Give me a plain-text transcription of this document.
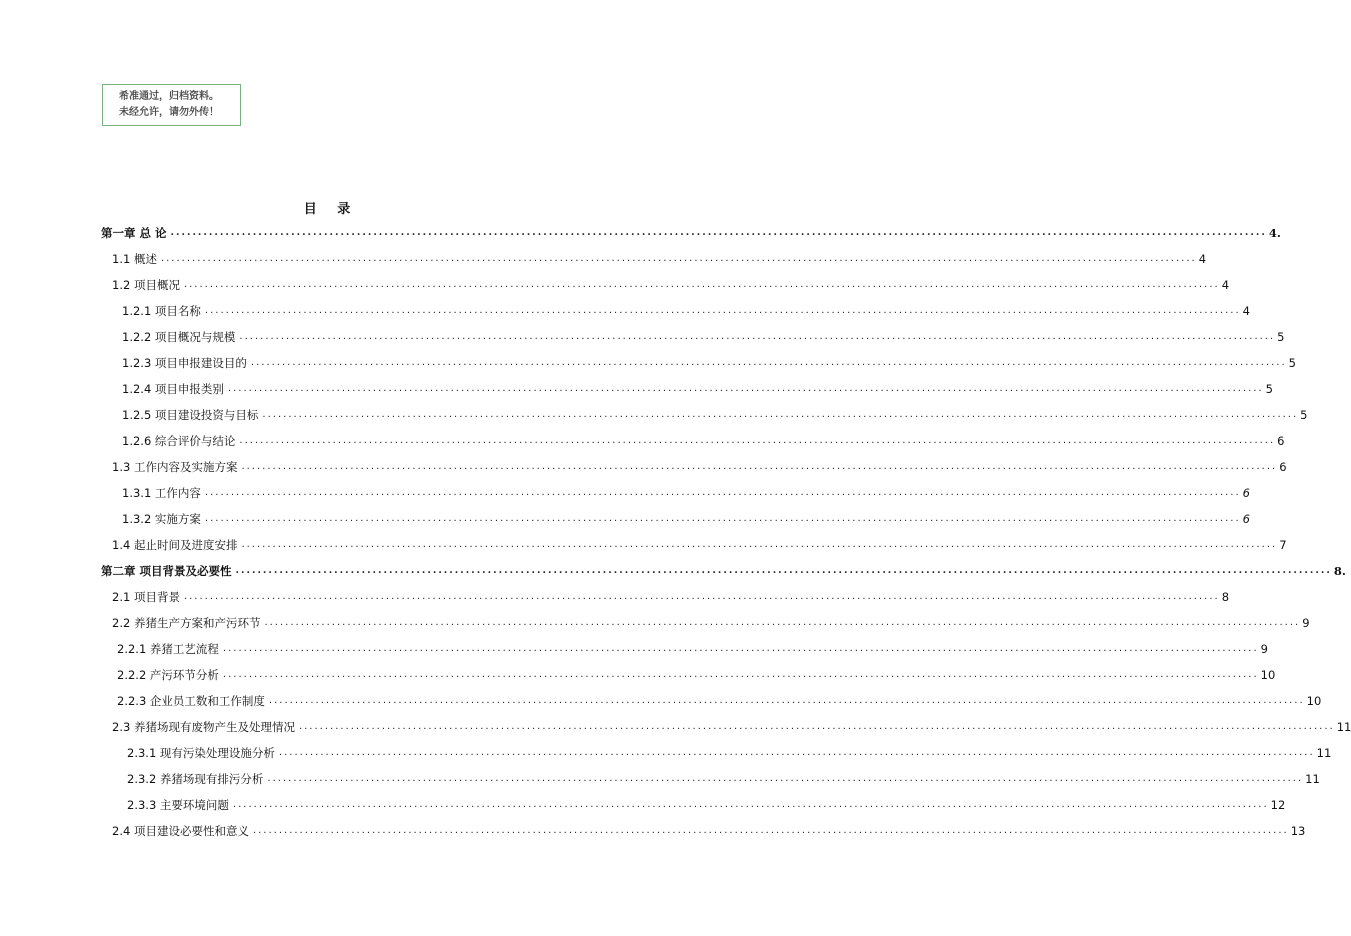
希准通过，归档资料。
未经允许，请勿外传！
目 录
第一章 总 论 ........................................................................................................................................................................................................ 4.
1.1 概述 ........................................................................................................................................................................................................ 4
1.2 项目概况 ........................................................................................................................................................................................................ 4
1.2.1 项目名称 ........................................................................................................................................................................................................ 4
1.2.2 项目概况与规模 ........................................................................................................................................................................................................ 5
1.2.3 项目申报建设目的 ........................................................................................................................................................................................................ 5
1.2.4 项目申报类别 ........................................................................................................................................................................................................ 5
1.2.5 项目建设投资与目标 ........................................................................................................................................................................................................ 5
1.2.6 综合评价与结论 ........................................................................................................................................................................................................ 6
1.3 工作内容及实施方案 ........................................................................................................................................................................................................ 6
1.3.1 工作内容 ........................................................................................................................................................................................................ 6
1.3.2 实施方案 ........................................................................................................................................................................................................ 6
1.4 起止时间及进度安排 ........................................................................................................................................................................................................ 7
第二章 项目背景及必要性 ........................................................................................................................................................................................................ 8.
2.1 项目背景 ........................................................................................................................................................................................................ 8
2.2 养猪生产方案和产污环节 ........................................................................................................................................................................................................ 9
2.2.1 养猪工艺流程 ........................................................................................................................................................................................................ 9
2.2.2 产污环节分析 ........................................................................................................................................................................................................ 10
2.2.3 企业员工数和工作制度 ........................................................................................................................................................................................................ 10
2.3 养猪场现有废物产生及处理情况 ........................................................................................................................................................................................................ 11
2.3.1 现有污染处理设施分析 ........................................................................................................................................................................................................ 11
2.3.2 养猪场现有排污分析 ........................................................................................................................................................................................................ 11
2.3.3 主要环境问题 ........................................................................................................................................................................................................ 12
2.4 项目建设必要性和意义 ........................................................................................................................................................................................................ 13
